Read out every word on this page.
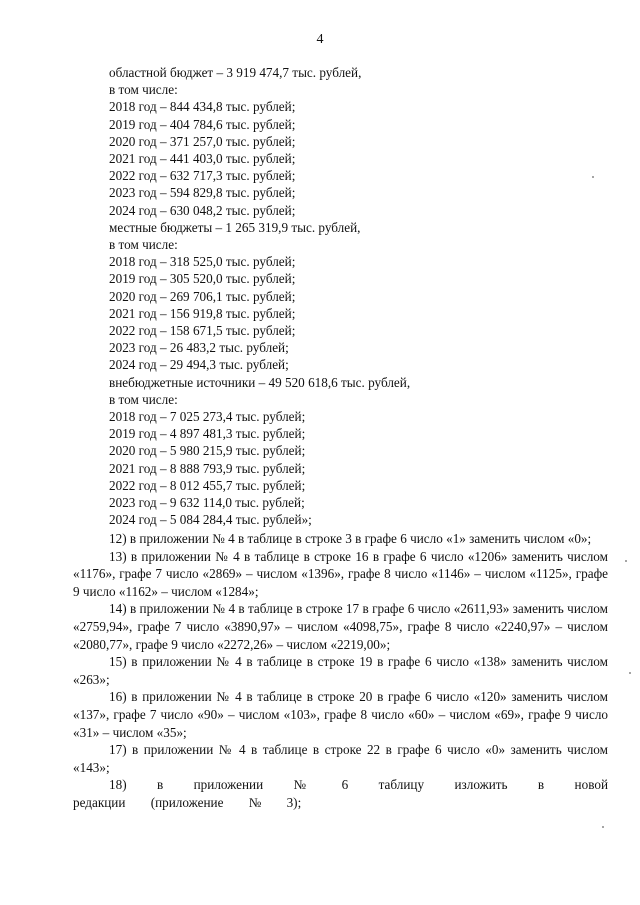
4
областной бюджет – 3 919 474,7 тыс. рублей,
в том числе:
2018 год – 844 434,8 тыс. рублей;
2019 год – 404 784,6 тыс. рублей;
2020 год – 371 257,0 тыс. рублей;
2021 год – 441 403,0 тыс. рублей;
2022 год – 632 717,3 тыс. рублей;
2023 год – 594 829,8 тыс. рублей;
2024 год – 630 048,2 тыс. рублей;
местные бюджеты – 1 265 319,9 тыс. рублей,
в том числе:
2018 год – 318 525,0 тыс. рублей;
2019 год – 305 520,0 тыс. рублей;
2020 год – 269 706,1 тыс. рублей;
2021 год – 156 919,8 тыс. рублей;
2022 год – 158 671,5 тыс. рублей;
2023 год – 26 483,2 тыс. рублей;
2024 год – 29 494,3 тыс. рублей;
внебюджетные источники – 49 520 618,6 тыс. рублей,
в том числе:
2018 год – 7 025 273,4 тыс. рублей;
2019 год – 4 897 481,3 тыс. рублей;
2020 год – 5 980 215,9 тыс. рублей;
2021 год – 8 888 793,9 тыс. рублей;
2022 год – 8 012 455,7 тыс. рублей;
2023 год – 9 632 114,0 тыс. рублей;
2024 год – 5 084 284,4 тыс. рублей»;
12) в приложении № 4 в таблице в строке 3 в графе 6 число «1» заменить числом «0»;
13) в приложении № 4 в таблице в строке 16 в графе 6 число «1206» заменить числом «1176», графе 7 число «2869» – числом «1396», графе 8 число «1146» – числом «1125», графе 9 число «1162» – числом «1284»;
14) в приложении № 4 в таблице в строке 17 в графе 6 число «2611,93» заменить числом «2759,94», графе 7 число «3890,97» – числом «4098,75», графе 8 число «2240,97» – числом «2080,77», графе 9 число «2272,26» – числом «2219,00»;
15) в приложении № 4 в таблице в строке 19 в графе 6 число «138» заменить числом «263»;
16) в приложении № 4 в таблице в строке 20 в графе 6 число «120» заменить числом «137», графе 7 число «90» – числом «103», графе 8 число «60» – числом «69», графе 9 число «31» – числом «35»;
17) в приложении № 4 в таблице в строке 22 в графе 6 число «0» заменить числом «143»;
18) в приложении № 6 таблицу изложить в новой редакции (приложение № 3);
